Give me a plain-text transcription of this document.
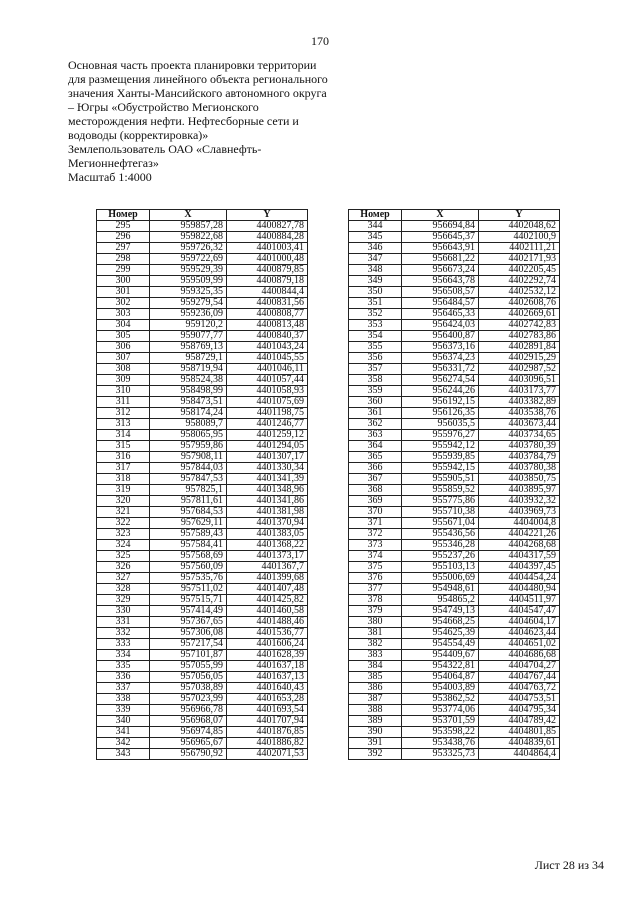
170
Основная часть проекта планировки территории
для размещения линейного объекта регионального
значения Ханты-Мансийского автономного округа
– Югры «Обустройство Мегионского
месторождения нефти. Нефтесборные сети и
водоводы (корректировка)»
Землепользователь ОАО «Славнефть-
Мегионнефтегаз»
Масштаб 1:4000
Номер	X	Y
295	959857,28	4400827,78
296	959822,68	4400884,28
297	959726,32	4401003,41
298	959722,69	4401000,48
299	959529,39	4400879,85
300	959509,99	4400879,18
301	959325,35	4400844,4
302	959279,54	4400831,56
303	959236,09	4400808,77
304	959120,2	4400813,48
305	959077,77	4400840,37
306	958769,13	4401043,24
307	958729,1	4401045,55
308	958719,94	4401046,11
309	958524,38	4401057,44
310	958498,99	4401058,93
311	958473,51	4401075,69
312	958174,24	4401198,75
313	958089,7	4401246,77
314	958065,95	4401259,12
315	957959,86	4401294,05
316	957908,11	4401307,17
317	957844,03	4401330,34
318	957847,53	4401341,39
319	957825,1	4401348,96
320	957811,61	4401341,86
321	957684,53	4401381,98
322	957629,11	4401370,94
323	957589,43	4401383,05
324	957584,41	4401368,22
325	957568,69	4401373,17
326	957560,09	4401367,7
327	957535,76	4401399,68
328	957511,02	4401407,48
329	957515,71	4401425,82
330	957414,49	4401460,58
331	957367,65	4401488,46
332	957306,08	4401536,77
333	957217,54	4401606,24
334	957101,87	4401628,39
335	957055,99	4401637,18
336	957056,05	4401637,13
337	957038,89	4401640,43
338	957023,99	4401653,28
339	956966,78	4401693,54
340	956968,07	4401707,94
341	956974,85	4401876,85
342	956965,67	4401886,82
343	956790,92	4402071,53
Номер	X	Y
344	956694,84	4402048,62
345	956645,37	4402100,9
346	956643,91	4402111,21
347	956681,22	4402171,93
348	956673,24	4402205,45
349	956643,78	4402292,74
350	956508,57	4402532,12
351	956484,57	4402608,76
352	956465,33	4402669,61
353	956424,03	4402742,83
354	956400,87	4402783,86
355	956373,16	4402891,84
356	956374,23	4402915,29
357	956331,72	4402987,52
358	956274,54	4403096,51
359	956244,26	4403173,77
360	956192,15	4403382,89
361	956126,35	4403538,76
362	956035,5	4403673,44
363	955976,27	4403734,65
364	955942,12	4403780,39
365	955939,85	4403784,79
366	955942,15	4403780,38
367	955905,51	4403850,75
368	955859,52	4403895,97
369	955775,86	4403932,32
370	955710,38	4403969,73
371	955671,04	4404004,8
372	955436,56	4404221,26
373	955346,28	4404268,68
374	955237,26	4404317,59
375	955103,13	4404397,45
376	955006,69	4404454,24
377	954948,61	4404480,94
378	954865,2	4404511,97
379	954749,13	4404547,47
380	954668,25	4404604,17
381	954625,39	4404623,44
382	954554,49	4404651,02
383	954409,67	4404686,68
384	954322,81	4404704,27
385	954064,87	4404767,44
386	954003,89	4404763,72
387	953862,52	4404753,51
388	953774,06	4404795,34
389	953701,59	4404789,42
390	953598,22	4404801,85
391	953438,76	4404839,61
392	953325,73	4404864,4
Лист 28 из 34
